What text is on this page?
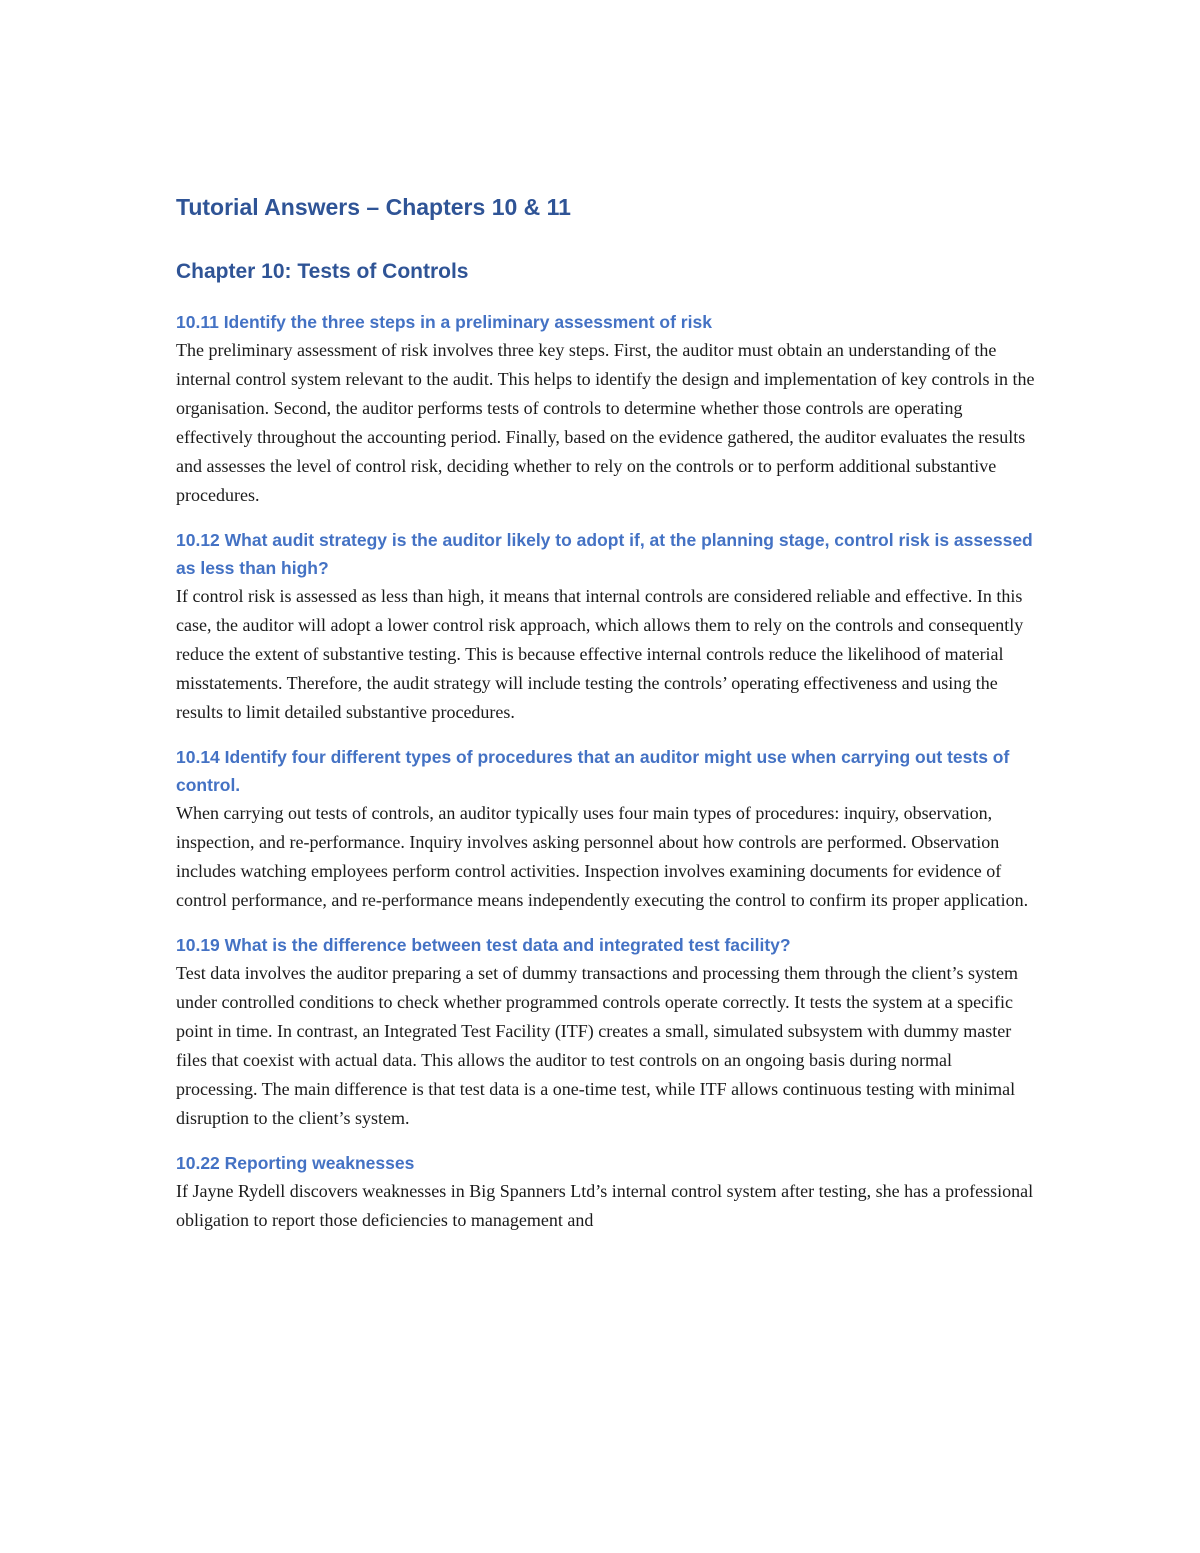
Tutorial Answers – Chapters 10 & 11
Chapter 10: Tests of Controls
10.11 Identify the three steps in a preliminary assessment of risk

The preliminary assessment of risk involves three key steps. First, the auditor must obtain an understanding of the internal control system relevant to the audit. This helps to identify the design and implementation of key controls in the organisation. Second, the auditor performs tests of controls to determine whether those controls are operating effectively throughout the accounting period. Finally, based on the evidence gathered, the auditor evaluates the results and assesses the level of control risk, deciding whether to rely on the controls or to perform additional substantive procedures.

10.12 What audit strategy is the auditor likely to adopt if, at the planning stage, control risk is assessed as less than high?

If control risk is assessed as less than high, it means that internal controls are considered reliable and effective. In this case, the auditor will adopt a lower control risk approach, which allows them to rely on the controls and consequently reduce the extent of substantive testing. This is because effective internal controls reduce the likelihood of material misstatements. Therefore, the audit strategy will include testing the controls’ operating effectiveness and using the results to limit detailed substantive procedures.

10.14 Identify four different types of procedures that an auditor might use when carrying out tests of control.

When carrying out tests of controls, an auditor typically uses four main types of procedures: inquiry, observation, inspection, and re-performance. Inquiry involves asking personnel about how controls are performed. Observation includes watching employees perform control activities. Inspection involves examining documents for evidence of control performance, and re-performance means independently executing the control to confirm its proper application.

10.19 What is the difference between test data and integrated test facility?

Test data involves the auditor preparing a set of dummy transactions and processing them through the client’s system under controlled conditions to check whether programmed controls operate correctly. It tests the system at a specific point in time. In contrast, an Integrated Test Facility (ITF) creates a small, simulated subsystem with dummy master files that coexist with actual data. This allows the auditor to test controls on an ongoing basis during normal processing. The main difference is that test data is a one-time test, while ITF allows continuous testing with minimal disruption to the client’s system.

10.22 Reporting weaknesses

If Jayne Rydell discovers weaknesses in Big Spanners Ltd’s internal control system after testing, she has a professional obligation to report those deficiencies to management and
